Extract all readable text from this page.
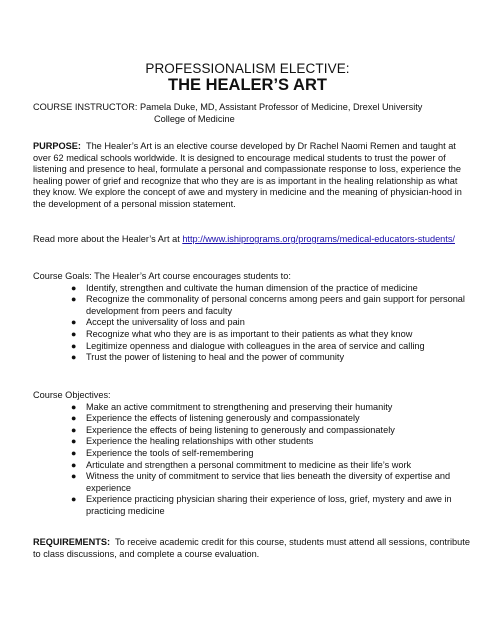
PROFESSIONALISM ELECTIVE:
THE HEALER’S ART
COURSE INSTRUCTOR: Pamela Duke, MD, Assistant Professor of Medicine, Drexel University
College of Medicine
PURPOSE: The Healer’s Art is an elective course developed by Dr Rachel Naomi Remen and taught at over 62 medical schools worldwide. It is designed to encourage medical students to trust the power of listening and presence to heal, formulate a personal and compassionate response to loss, experience the healing power of grief and recognize that who they are is as important in the healing relationship as what they know. We explore the concept of awe and mystery in medicine and the meaning of physician-hood in the development of a personal mission statement.
Read more about the Healer’s Art at http://www.ishiprograms.org/programs/medical-educators-students/
Course Goals: The Healer’s Art course encourages students to:
● Identify, strengthen and cultivate the human dimension of the practice of medicine
● Recognize the commonality of personal concerns among peers and gain support for personal development from peers and faculty
● Accept the universality of loss and pain
● Recognize what who they are is as important to their patients as what they know
● Legitimize openness and dialogue with colleagues in the area of service and calling
● Trust the power of listening to heal and the power of community
Course Objectives:
● Make an active commitment to strengthening and preserving their humanity
● Experience the effects of listening generously and compassionately
● Experience the effects of being listening to generously and compassionately
● Experience the healing relationships with other students
● Experience the tools of self-remembering
● Articulate and strengthen a personal commitment to medicine as their life’s work
● Witness the unity of commitment to service that lies beneath the diversity of expertise and experience
● Experience practicing physician sharing their experience of loss, grief, mystery and awe in practicing medicine
REQUIREMENTS: To receive academic credit for this course, students must attend all sessions, contribute to class discussions, and complete a course evaluation.
